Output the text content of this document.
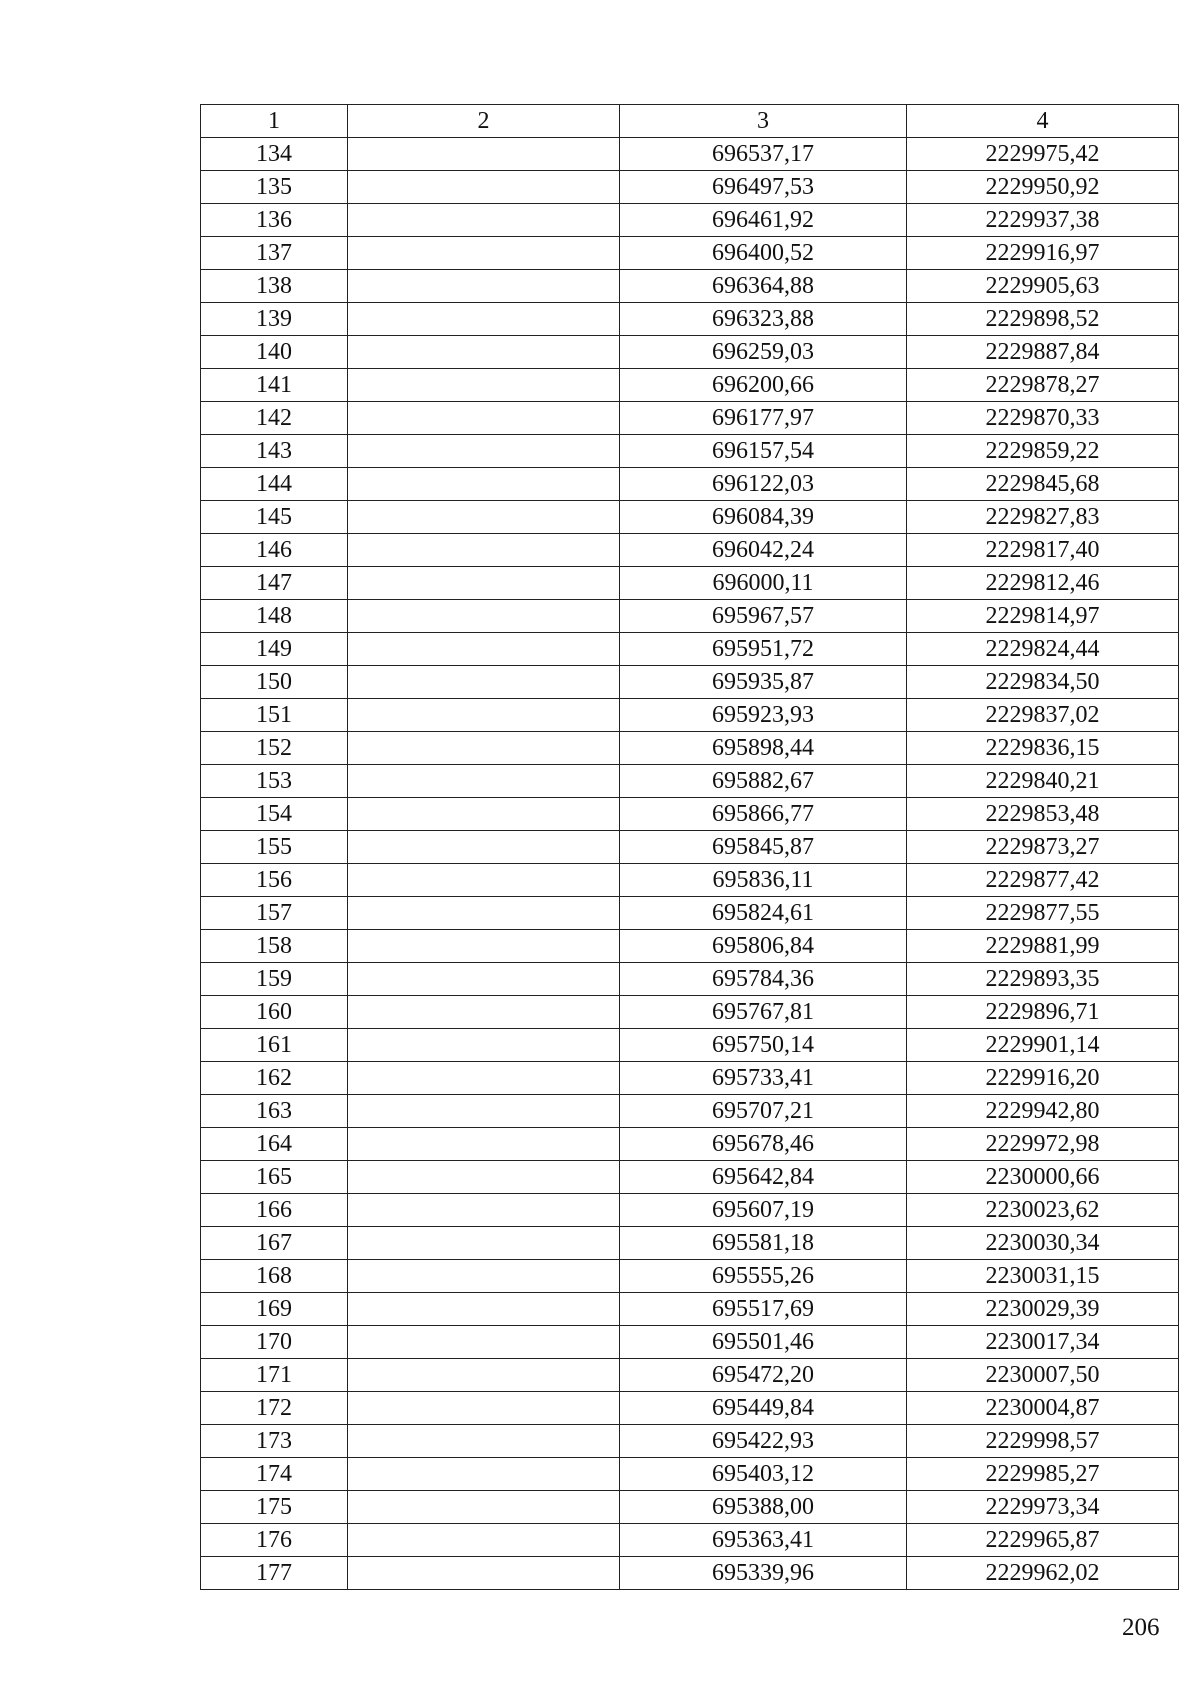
1	2	3	4
134		696537,17	2229975,42
135		696497,53	2229950,92
136		696461,92	2229937,38
137		696400,52	2229916,97
138		696364,88	2229905,63
139		696323,88	2229898,52
140		696259,03	2229887,84
141		696200,66	2229878,27
142		696177,97	2229870,33
143		696157,54	2229859,22
144		696122,03	2229845,68
145		696084,39	2229827,83
146		696042,24	2229817,40
147		696000,11	2229812,46
148		695967,57	2229814,97
149		695951,72	2229824,44
150		695935,87	2229834,50
151		695923,93	2229837,02
152		695898,44	2229836,15
153		695882,67	2229840,21
154		695866,77	2229853,48
155		695845,87	2229873,27
156		695836,11	2229877,42
157		695824,61	2229877,55
158		695806,84	2229881,99
159		695784,36	2229893,35
160		695767,81	2229896,71
161		695750,14	2229901,14
162		695733,41	2229916,20
163		695707,21	2229942,80
164		695678,46	2229972,98
165		695642,84	2230000,66
166		695607,19	2230023,62
167		695581,18	2230030,34
168		695555,26	2230031,15
169		695517,69	2230029,39
170		695501,46	2230017,34
171		695472,20	2230007,50
172		695449,84	2230004,87
173		695422,93	2229998,57
174		695403,12	2229985,27
175		695388,00	2229973,34
176		695363,41	2229965,87
177		695339,96	2229962,02
206
